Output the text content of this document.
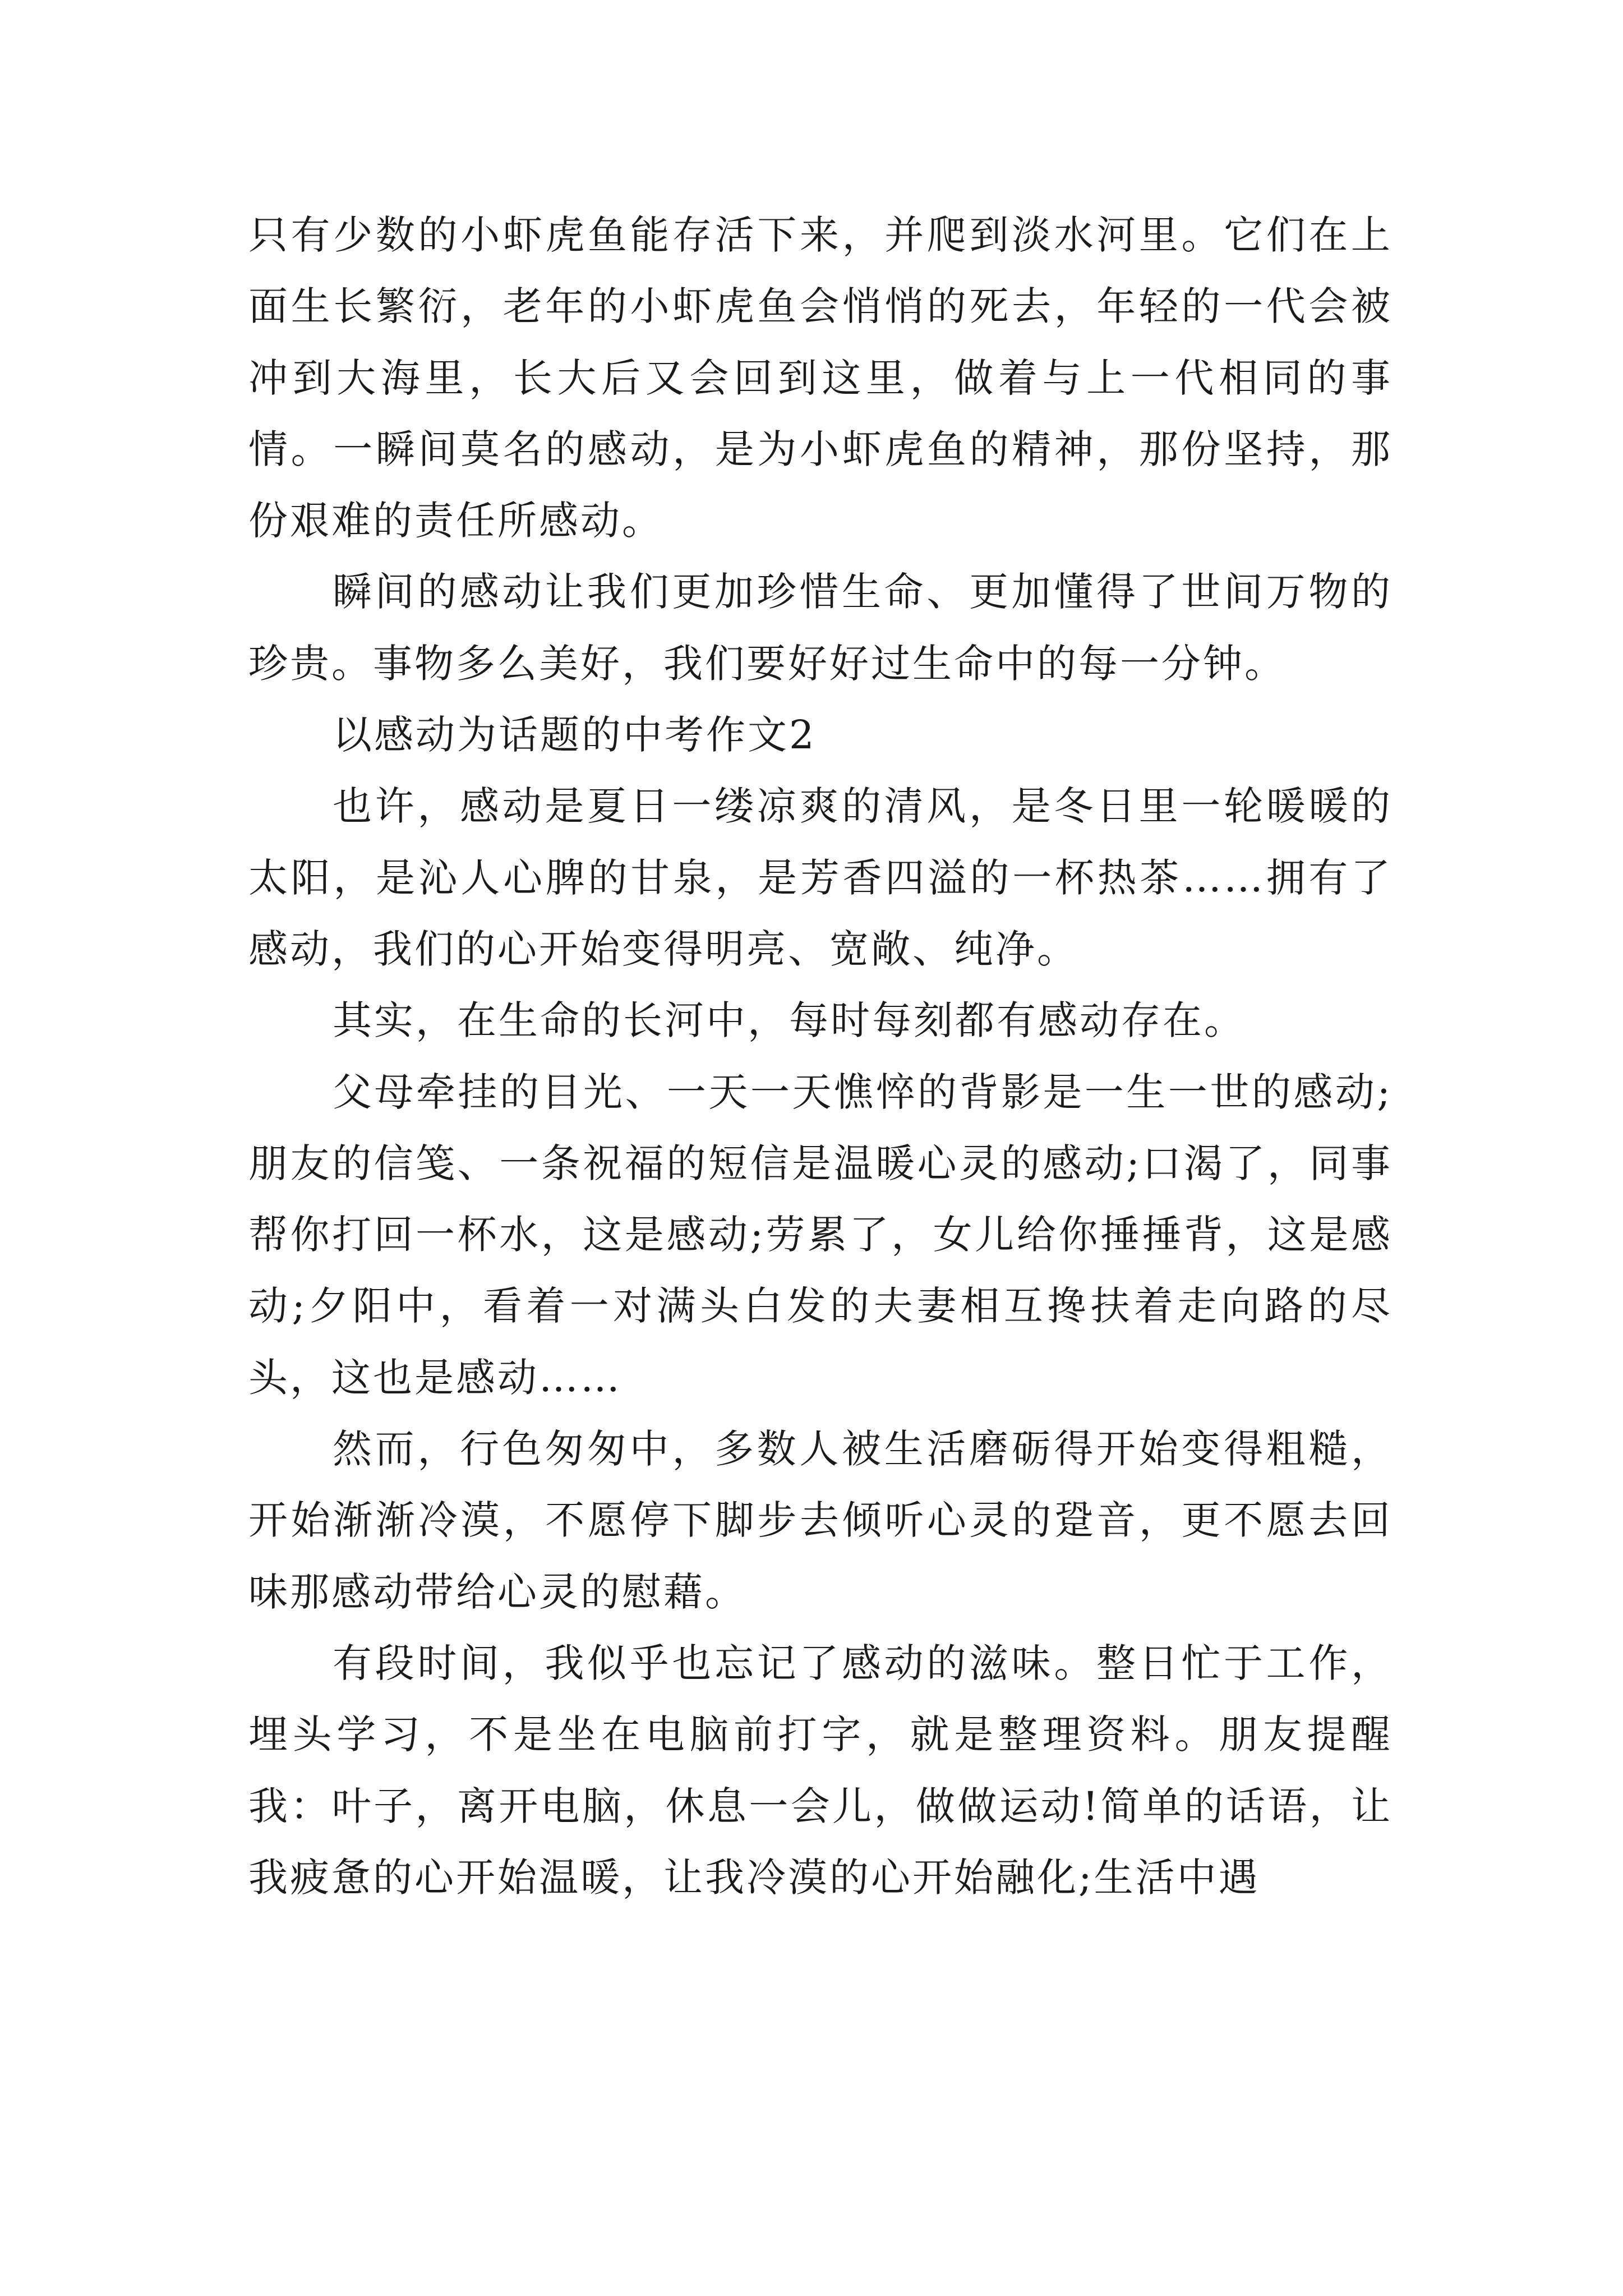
只有少数的小虾虎鱼能存活下来，并爬到淡水河里。它们在上面生长繁衍，老年的小虾虎鱼会悄悄的死去，年轻的一代会被冲到大海里，长大后又会回到这里，做着与上一代相同的事情。一瞬间莫名的感动，是为小虾虎鱼的精神，那份坚持，那份艰难的责任所感动。

瞬间的感动让我们更加珍惜生命、更加懂得了世间万物的珍贵。事物多么美好，我们要好好过生命中的每一分钟。

以感动为话题的中考作文2

也许，感动是夏日一缕凉爽的清风，是冬日里一轮暖暖的太阳，是沁人心脾的甘泉，是芳香四溢的一杯热茶……拥有了感动，我们的心开始变得明亮、宽敞、纯净。

其实，在生命的长河中，每时每刻都有感动存在。

父母牵挂的目光、一天一天憔悴的背影是一生一世的感动;朋友的信笺、一条祝福的短信是温暖心灵的感动;口渴了，同事帮你打回一杯水，这是感动;劳累了，女儿给你捶捶背，这是感动;夕阳中，看着一对满头白发的夫妻相互搀扶着走向路的尽头，这也是感动……

然而，行色匆匆中，多数人被生活磨砺得开始变得粗糙，开始渐渐冷漠，不愿停下脚步去倾听心灵的跫音，更不愿去回味那感动带给心灵的慰藉。

有段时间，我似乎也忘记了感动的滋味。整日忙于工作，埋头学习，不是坐在电脑前打字，就是整理资料。朋友提醒我：叶子，离开电脑，休息一会儿，做做运动!简单的话语，让我疲惫的心开始温暖，让我冷漠的心开始融化;生活中遇
